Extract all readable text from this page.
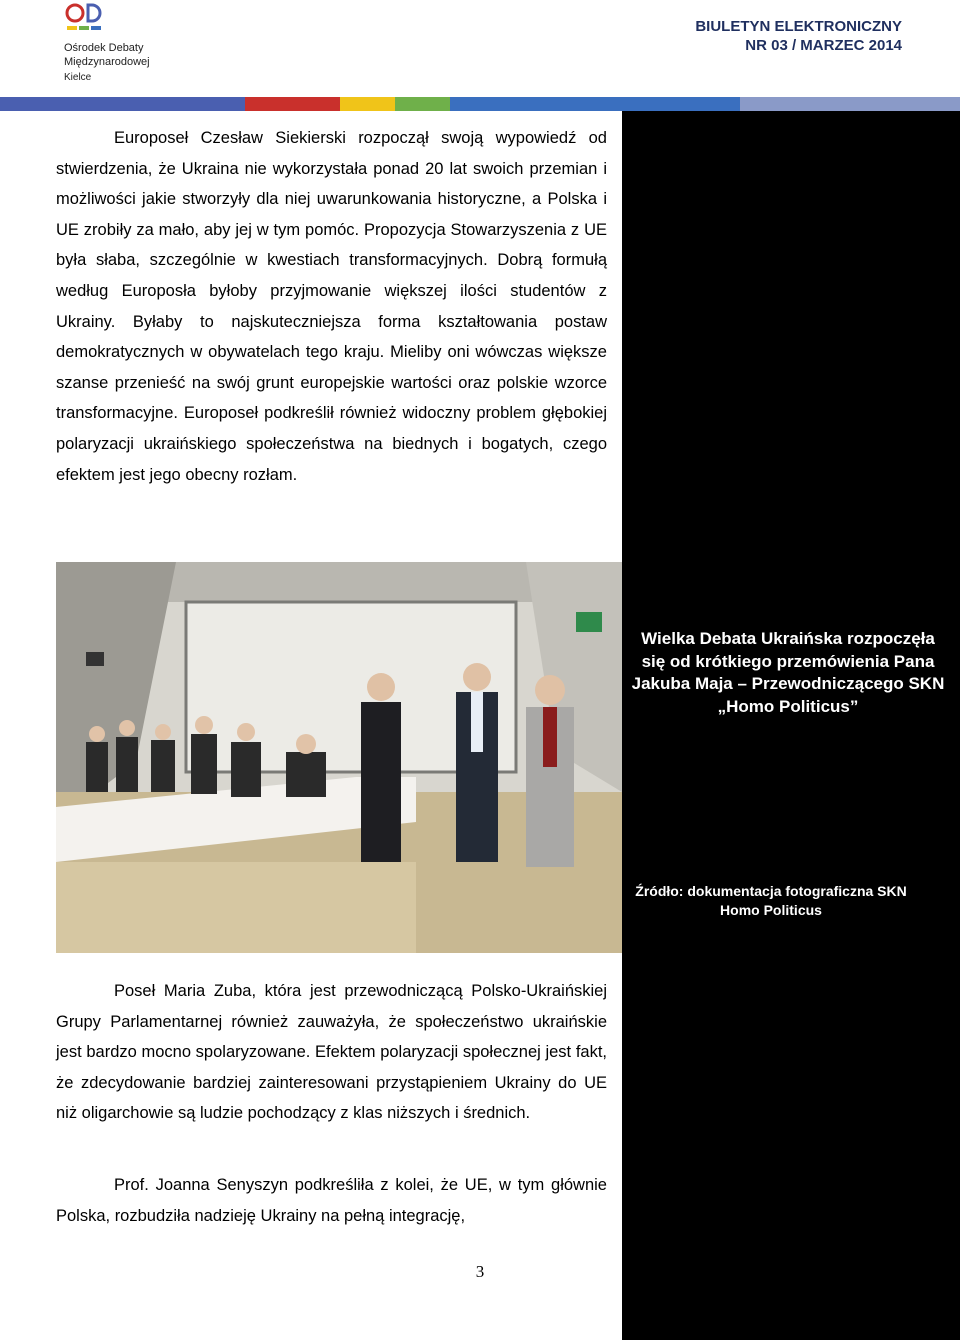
Ośrodek Debaty
Międzynarodowej
Kielce
BIULETYN ELEKTRONICZNY
NR 03 / MARZEC 2014
Wielka Debata Ukraińska rozpoczęła się od krótkiego przemówienia Pana Jakuba Maja – Przewodniczącego SKN „Homo Politicus”
Źródło: dokumentacja fotograficzna SKN Homo Politicus

Europoseł Czesław Siekierski rozpoczął swoją wypowiedź od stwierdzenia, że Ukraina nie wykorzystała ponad 20 lat swoich przemian i możliwości jakie stworzyły dla niej uwarunkowania historyczne, a Polska i UE zrobiły za mało, aby jej w tym pomóc. Propozycja Stowarzyszenia z UE była słaba, szczególnie w kwestiach transformacyjnych. Dobrą formułą według Europosła byłoby przyjmowanie większej ilości studentów z Ukrainy. Byłaby to najskuteczniejsza forma kształtowania postaw demokratycznych w obywatelach tego kraju. Mieliby oni wówczas większe szanse przenieść na swój grunt europejskie wartości oraz polskie wzorce transformacyjne. Europoseł podkreślił również widoczny problem głębokiej polaryzacji ukraińskiego społeczeństwa na biednych i bogatych, czego efektem jest jego obecny rozłam.

Poseł Maria Zuba, która jest przewodniczącą Polsko-Ukraińskiej Grupy Parlamentarnej również zauważyła, że społeczeństwo ukraińskie jest bardzo mocno spolaryzowane. Efektem polaryzacji społecznej jest fakt, że zdecydowanie bardziej zainteresowani przystąpieniem Ukrainy do UE niż oligarchowie są ludzie pochodzący z klas niższych i średnich.

Prof. Joanna Senyszyn podkreśliła z kolei, że UE, w tym głównie Polska, rozbudziła nadzieję Ukrainy na pełną integrację,

3
